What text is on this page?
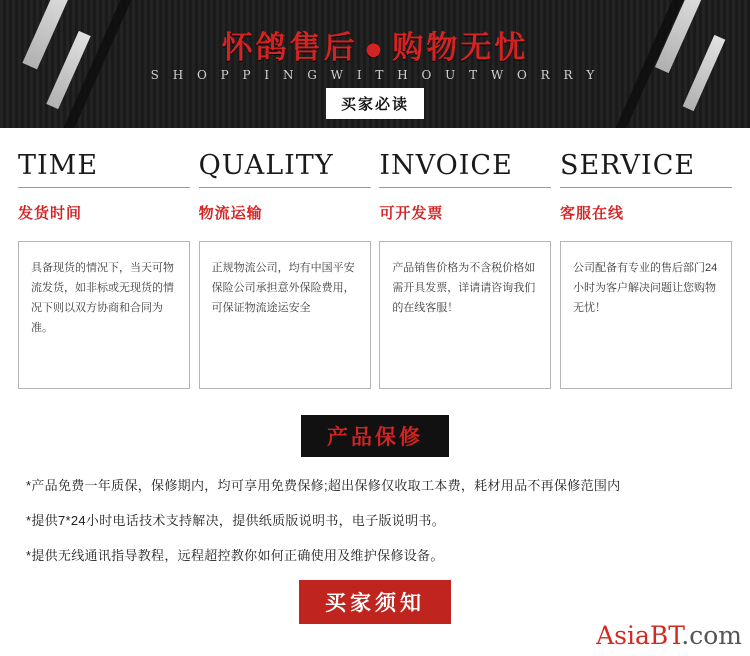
怀鸽售后 ● 购物无忧
S H O P P I N G W I T H O U T W O R R Y
买家必读
TIME
发货时间
具备现货的情况下，当天可物流发货，如非标或无现货的情况下则以双方协商和合同为准。
QUALITY
物流运输
正规物流公司，均有中国平安保险公司承担意外保险费用，可保证物流途运安全
INVOICE
可开发票
产品销售价格为不含税价格如需开具发票，详请请咨询我们的在线客服！
SERVICE
客服在线
公司配备有专业的售后部门24小时为客户解决问题让您购物无忧！
产品保修
*产品免费一年质保，保修期内，均可享用免费保修;超出保修仅收取工本费，耗材用品不再保修范围内
*提供7*24小时电话技术支持解决，提供纸质版说明书，电子版说明书。
*提供无线通讯指导教程，远程超控教你如何正确使用及维护保修设备。
买家须知
AsiaBT.com
